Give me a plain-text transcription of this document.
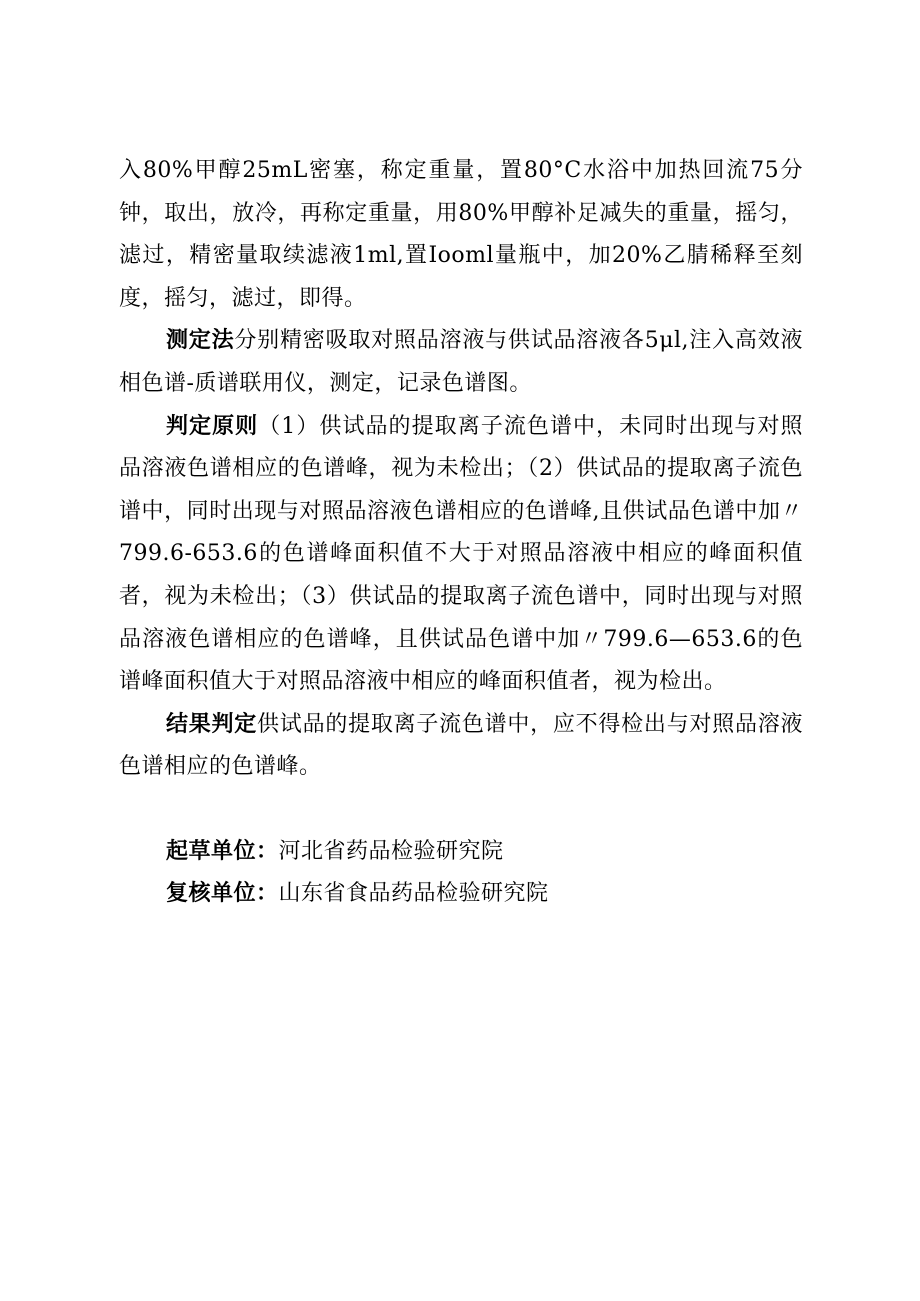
入80%甲醇25mL密塞，称定重量，置80°C水浴中加热回流75分钟，取出，放冷，再称定重量，用80%甲醇补足减失的重量，摇匀，滤过，精密量取续滤液1ml,置Iooml量瓶中，加20%乙腈稀释至刻度，摇匀，滤过，即得。

测定法分别精密吸取对照品溶液与供试品溶液各5μl,注入高效液相色谱-质谱联用仪，测定，记录色谱图。

判定原则（1）供试品的提取离子流色谱中，未同时出现与对照品溶液色谱相应的色谱峰，视为未检出；（2）供试品的提取离子流色谱中，同时出现与对照品溶液色谱相应的色谱峰,且供试品色谱中加〃799.6-653.6的色谱峰面积值不大于对照品溶液中相应的峰面积值者，视为未检出；（3）供试品的提取离子流色谱中，同时出现与对照品溶液色谱相应的色谱峰，且供试品色谱中加〃799.6—653.6的色谱峰面积值大于对照品溶液中相应的峰面积值者，视为检出。

结果判定供试品的提取离子流色谱中，应不得检出与对照品溶液色谱相应的色谱峰。

起草单位：河北省药品检验研究院

复核单位：山东省食品药品检验研究院
